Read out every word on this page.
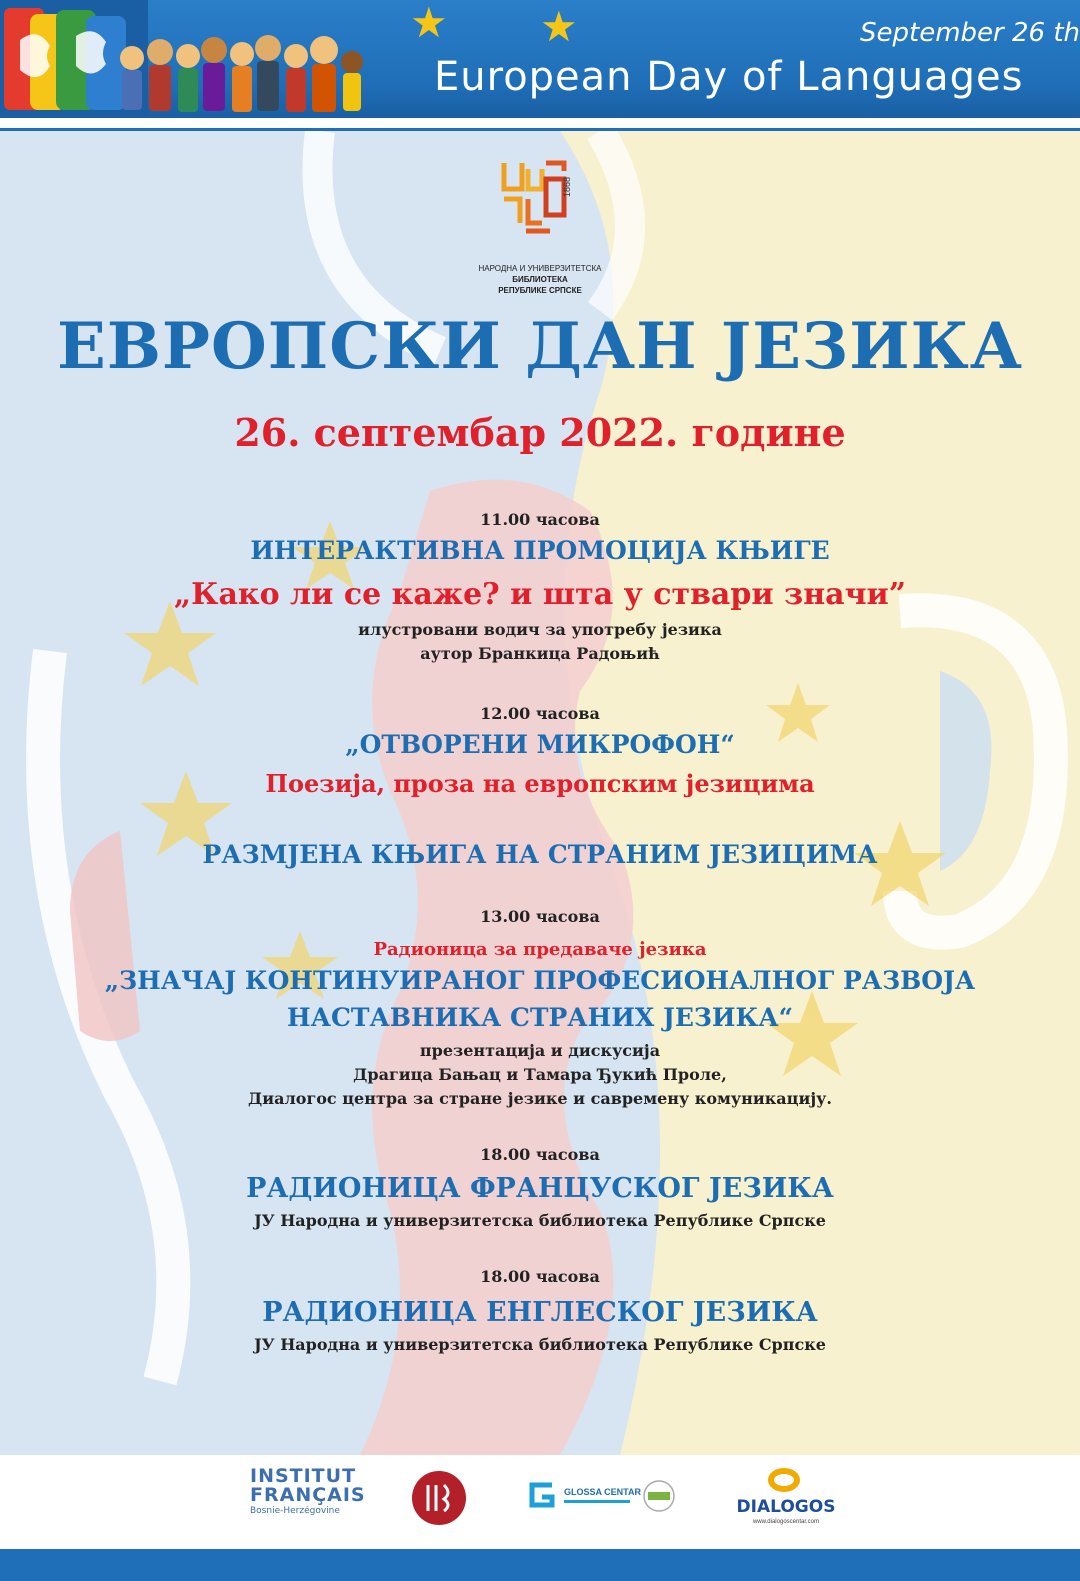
★ ★	September 26 th
European Day of Languages
1868
НАРОДНА И УНИВЕРЗИТЕТСКА
БИБЛИОТЕКА
РЕПУБЛИКЕ СРПСКЕ
ЕВРОПСКИ ДАН ЈЕЗИКА
26. септембар 2022. године
11.00 часова
ИНТЕРАКТИВНА ПРОМОЦИЈА КЊИГЕ
„Како ли се каже? и шта у ствари значи”
илустровани водич за употребу језика
аутор Бранкица Радоњић
12.00 часова
„ОТВОРЕНИ МИКРОФОН“
Поезија, проза на европским језицима
РАЗМЈЕНА КЊИГА НА СТРАНИМ ЈЕЗИЦИМА
13.00 часова
Радионица за предаваче језика
„ЗНАЧАЈ КОНТИНУИРАНОГ ПРОФЕСИОНАЛНОГ РАЗВОЈА
НАСТАВНИКА СТРАНИХ ЈЕЗИКА“
презентација и дискусија
Драгица Бањац и Тамара Ђукић Проле,
Диалогос центра за стране језике и савремену комуникацију.
18.00 часова
РАДИОНИЦА ФРАНЦУСКОГ ЈЕЗИКА
ЈУ Народна и универзитетска библиотека Републике Српске
18.00 часова
РАДИОНИЦА ЕНГЛЕСКОГ ЈЕЗИКА
ЈУ Народна и универзитетска библиотека Републике Српске
INSTITUT
FRANÇAIS
Bosnie-Herzégovine
GLOSSA CENTAR
DIALOGOS
www.dialogoscentar.com
